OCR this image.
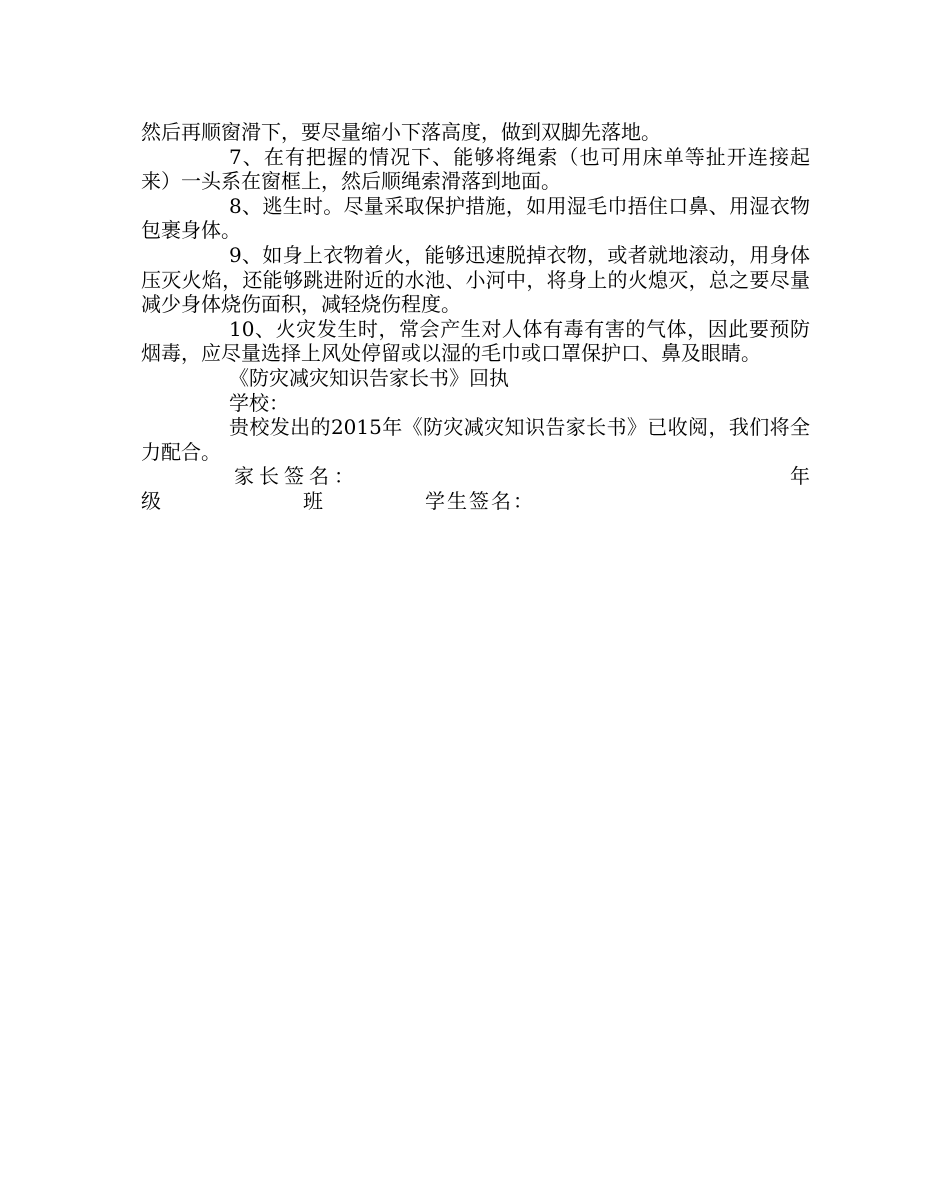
然后再顺窗滑下，要尽量缩小下落高度，做到双脚先落地。

7、在有把握的情况下、能够将绳索（也可用床单等扯开连接起来）一头系在窗框上，然后顺绳索滑落到地面。

8、逃生时。尽量采取保护措施，如用湿毛巾捂住口鼻、用湿衣物包裹身体。

9、如身上衣物着火，能够迅速脱掉衣物，或者就地滚动，用身体压灭火焰，还能够跳进附近的水池、小河中，将身上的火熄灭，总之要尽量减少身体烧伤面积，减轻烧伤程度。

10、火灾发生时，常会产生对人体有毒有害的气体，因此要预防烟毒，应尽量选择上风处停留或以湿的毛巾或口罩保护口、鼻及眼睛。

《防灾减灾知识告家长书》回执

学校：

贵校发出的2015年《防灾减灾知识告家长书》已收阅，我们将全力配合。

家长签名：	年
级	班	学生签名：
